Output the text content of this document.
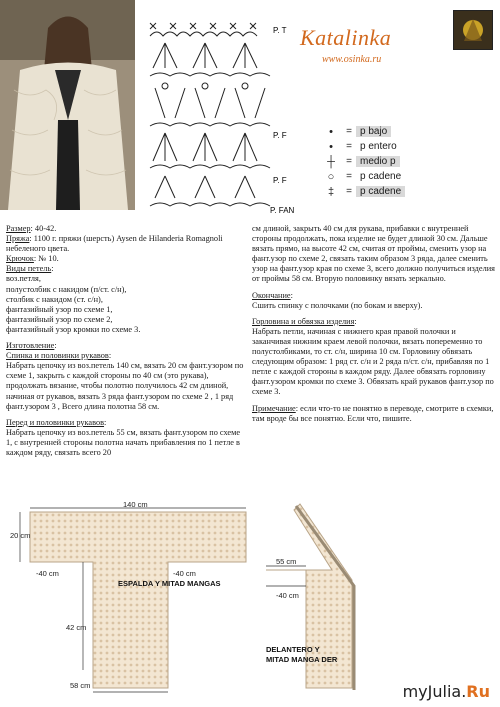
P. T
P. F
P. F
P. FAN
Katalinka
www.osinka.ru
•	= p bajo
•	= p entero
┼	= medio p
○	= p cadene
‡	= p cadene

Размер: 40-42.

Пряжа: 1100 г. пряжи (шерсть) Aysen de Hilanderia Romagnoli небеленого цвета.

Крючок: № 10.

Виды петель:

воз.петля,

полустолбик с накидом (п/ст. с/н),

столбик с накидом (ст. с/н),

фантазийный узор по схеме 1,

фантазийный узор по схеме 2,

фантазийный узор кромки по схеме 3.

Изготовление:

Спинка и половинки рукавов:

Набрать цепочку из воз.петель 140 см, вязать 20 см фант.узором по схеме 1, закрыть с каждой стороны по 40 см (это рукава), продолжать вязание, чтобы полотно получилось 42 см длиной, начиная от рукавов, вязать 3 ряда фант.узором по схеме 2 , 1 ряд фант.узором 3 , Всего длина полотна 58 см.

Перед и половинки рукавов:

Набрать цепочку из воз.петель 55 см, вязать фант.узором по схеме 1, с внутренней стороны полотна начать прибавления по 1 петле в каждом ряду, связать всего 20

см длиной, закрыть 40 см для рукава, прибавки с внутренней стороны продолжать, пока изделие не будет длиной 30 см. Дальше вязать прямо, на высоте 42 см, считая от проймы, сменить узор на фант.узор по схеме 2, связать таким образом 3 ряда, далее сменить узор на фант.узор края по схеме 3, всего должно получиться изделия от проймы 58 см. Вторую половинку вязать зеркально.

Окончание:

Сшить спинку с полочками (по бокам и вверху).

Горловина и обвязка изделия:

Набрать петли, начиная с нижнего края правой полочки и заканчивая нижним краем левой полочки, вязать попеременно то полустолбиками, то ст. с/н, ширина 10 см. Горловину обвязать следующим образом: 1 ряд ст. с/н и 2 ряда п/ст. с/н, прибавляя по 1 петле с каждой стороны в каждом ряду. Далее обвязать горловину фант.узором кромки по схеме 3. Обвязать край рукавов фант.узор по схеме 3.

Примечание: если что-то не понятно в переводе, смотрите в схемки, там вроде бы все понятно. Если что, пишите.

140 cm
20 cm
-40 cm	-40 cm
42 cm
58 cm
ESPALDA Y MITAD MANGAS
55 cm
-40 cm
DELANTERO Y
MITAD MANGA DER
myJulia.Ru
